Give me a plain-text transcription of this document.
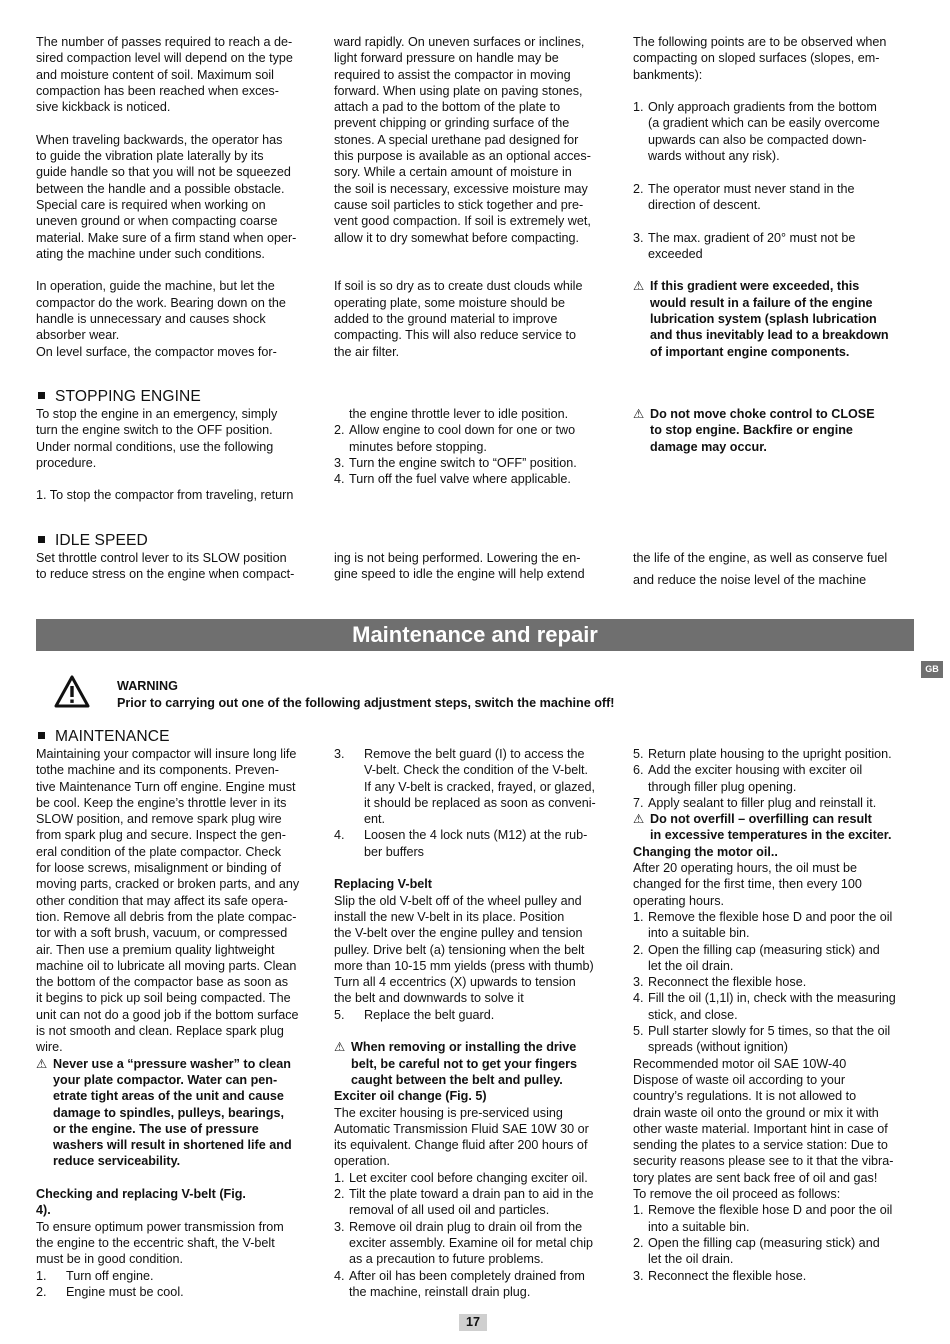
The number of passes required to reach a de-

sired compaction level will depend on the type

and moisture content of soil. Maximum soil

compaction has been reached when exces-

sive kickback is noticed.

When traveling backwards, the operator has

to guide the vibration plate laterally by its

guide handle so that you will not be squeezed

between the handle and a possible obstacle.

Special care is required when working on

uneven ground or when compacting coarse

material. Make sure of a firm stand when oper-

ating the machine under such conditions.

In operation, guide the machine, but let the

compactor do the work. Bearing down on the

handle is unnecessary and causes shock

absorber wear.

On level surface, the compactor moves for-

ward rapidly. On uneven surfaces or inclines,

light forward pressure on handle may be

required to assist the compactor in moving

forward. When using plate on paving stones,

attach a pad to the bottom of the plate to

prevent chipping or grinding surface of the

stones. A special urethane pad designed for

this purpose is available as an optional acces-

sory. While a certain amount of moisture in

the soil is necessary, excessive moisture may

cause soil particles to stick together and pre-

vent good compaction. If soil is extremely wet,

allow it to dry somewhat before compacting.

If soil is so dry as to create dust clouds while

operating plate, some moisture should be

added to the ground material to improve

compacting. This will also reduce service to

the air filter.

The following points are to be observed when

compacting on sloped surfaces (slopes, em-

bankments):

1. Only approach gradients from the bottom

(a gradient which can be easily overcome

upwards can also be compacted down-

wards without any risk).

2. The operator must never stand in the

direction of descent.

3. The max. gradient of 20° must not be

exceeded

⚠ If this gradient were exceeded, this

would result in a failure of the engine

lubrication system (splash lubrication

and thus inevitably lead to a breakdown

of important engine components.

STOPPING ENGINE

To stop the engine in an emergency, simply

turn the engine switch to the OFF position.

Under normal conditions, use the following

procedure.

1. To stop the compactor from traveling, return

the engine throttle lever to idle position.

2. Allow engine to cool down for one or two

minutes before stopping.

3. Turn the engine switch to “OFF” position.

4. Turn off the fuel valve where applicable.

⚠ Do not move choke control to CLOSE

to stop engine. Backfire or engine

damage may occur.

IDLE SPEED

Set throttle control lever to its SLOW position

to reduce stress on the engine when compact-

ing is not being performed. Lowering the en-

gine speed to idle the engine will help extend

the life of the engine, as well as conserve fuel

and reduce the noise level of the machine

Maintenance and repair
GB
WARNING
Prior to carrying out one of the following adjustment steps, switch the machine off!
MAINTENANCE

Maintaining your compactor will insure long life

tothe machine and its components. Preven-

tive Maintenance Turn off engine. Engine must

be cool. Keep the engine’s throttle lever in its

SLOW position, and remove spark plug wire

from spark plug and secure. Inspect the gen-

eral condition of the plate compactor. Check

for loose screws, misalignment or binding of

moving parts, cracked or broken parts, and any

other condition that may affect its safe opera-

tion. Remove all debris from the plate compac-

tor with a soft brush, vacuum, or compressed

air. Then use a premium quality lightweight

machine oil to lubricate all moving parts. Clean

the bottom of the compactor base as soon as

it begins to pick up soil being compacted. The

unit can not do a good job if the bottom surface

is not smooth and clean. Replace spark plug

wire.

⚠ Never use a “pressure washer” to clean

your plate compactor. Water can pen-

etrate tight areas of the unit and cause

damage to spindles, pulleys, bearings,

or the engine. The use of pressure

washers will result in shortened life and

reduce serviceability.

Checking and replacing V-belt (Fig.

4).

To ensure optimum power transmission from

the engine to the eccentric shaft, the V-belt

must be in good condition.

1. Turn off engine.

2. Engine must be cool.

3. Remove the belt guard (I) to access the

V-belt. Check the condition of the V-belt.

If any V-belt is cracked, frayed, or glazed,

it should be replaced as soon as conveni-

ent.

4. Loosen the 4 lock nuts (M12) at the rub-

ber buffers

Replacing V-belt

Slip the old V-belt off of the wheel pulley and

install the new V-belt in its place. Position

the V-belt over the engine pulley and tension

pulley. Drive belt (a) tensioning when the belt

more than 10-15 mm yields (press with thumb)

Turn all 4 eccentrics (X) upwards to tension

the belt and downwards to solve it

5. Replace the belt guard.

⚠ When removing or installing the drive

belt, be careful not to get your fingers

caught between the belt and pulley.

Exciter oil change (Fig. 5)

The exciter housing is pre-serviced using

Automatic Transmission Fluid SAE 10W 30 or

its equivalent. Change fluid after 200 hours of

operation.

1. Let exciter cool before changing exciter oil.

2. Tilt the plate toward a drain pan to aid in the

removal of all used oil and particles.

3. Remove oil drain plug to drain oil from the

exciter assembly. Examine oil for metal chip

as a precaution to future problems.

4. After oil has been completely drained from

the machine, reinstall drain plug.

5. Return plate housing to the upright position.

6. Add the exciter housing with exciter oil

through filler plug opening.

7. Apply sealant to filler plug and reinstall it.

⚠ Do not overfill – overfilling can result

in excessive temperatures in the exciter.

Changing the motor oil..

After 20 operating hours, the oil must be

changed for the first time, then every 100

operating hours.

1. Remove the flexible hose D and poor the oil

into a suitable bin.

2. Open the filling cap (measuring stick) and

let the oil drain.

3. Reconnect the flexible hose.

4. Fill the oil (1,1l) in, check with the measuring

stick, and close.

5. Pull starter slowly for 5 times, so that the oil

spreads (without ignition)

Recommended motor oil SAE 10W-40

Dispose of waste oil according to your

country’s regulations. It is not allowed to

drain waste oil onto the ground or mix it with

other waste material. Important hint in case of

sending the plates to a service station: Due to

security reasons please see to it that the vibra-

tory plates are sent back free of oil and gas!

To remove the oil proceed as follows:

1. Remove the flexible hose D and poor the oil

into a suitable bin.

2. Open the filling cap (measuring stick) and

let the oil drain.

3. Reconnect the flexible hose.

17
